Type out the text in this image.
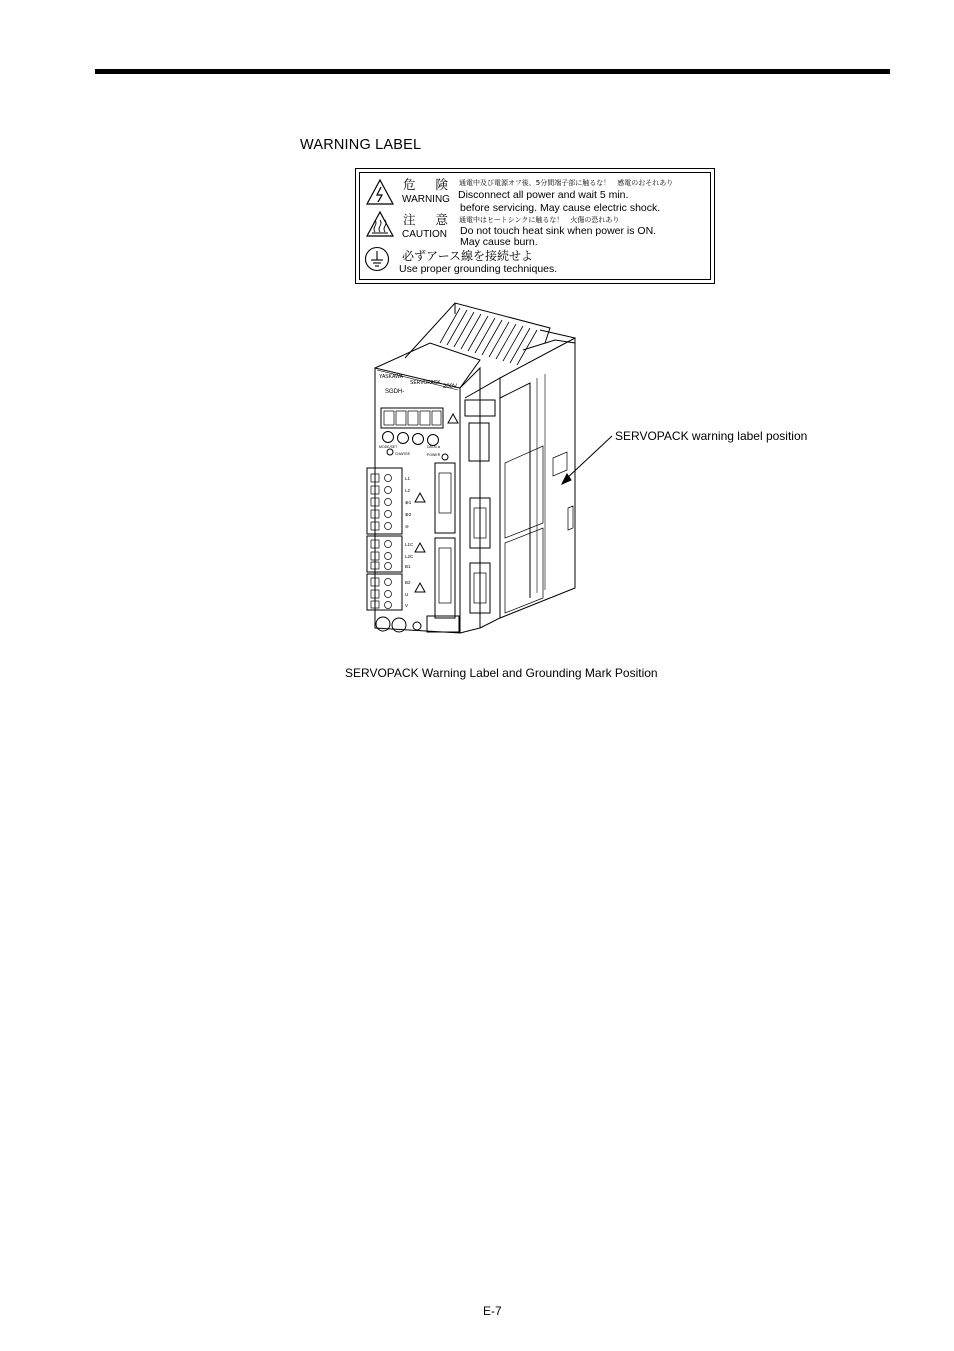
WARNING LABEL
危 険
WARNING
通電中及び電源オフ後、5分間端子部に触るな！　感電のおそれあり
Disconnect all power and wait 5 min.
before servicing. May cause electric shock.
注 意
CAUTION
通電中はヒートシンクに触るな！　火傷の恐れあり
Do not touch heat sink when power is ON.
May cause burn.
必ずアース線を接続せよ
Use proper grounding techniques.
YASKAWA
SERVOPACK
200V
SGDH-
MODE/SET
CHARGE
DATA/◄
POWER
L1
L2
⊕1
⊕2
⊖
L1C
L2C
B1
B2
U
V
SERVOPACK warning label position
SERVOPACK Warning Label and Grounding Mark Position
E-7
